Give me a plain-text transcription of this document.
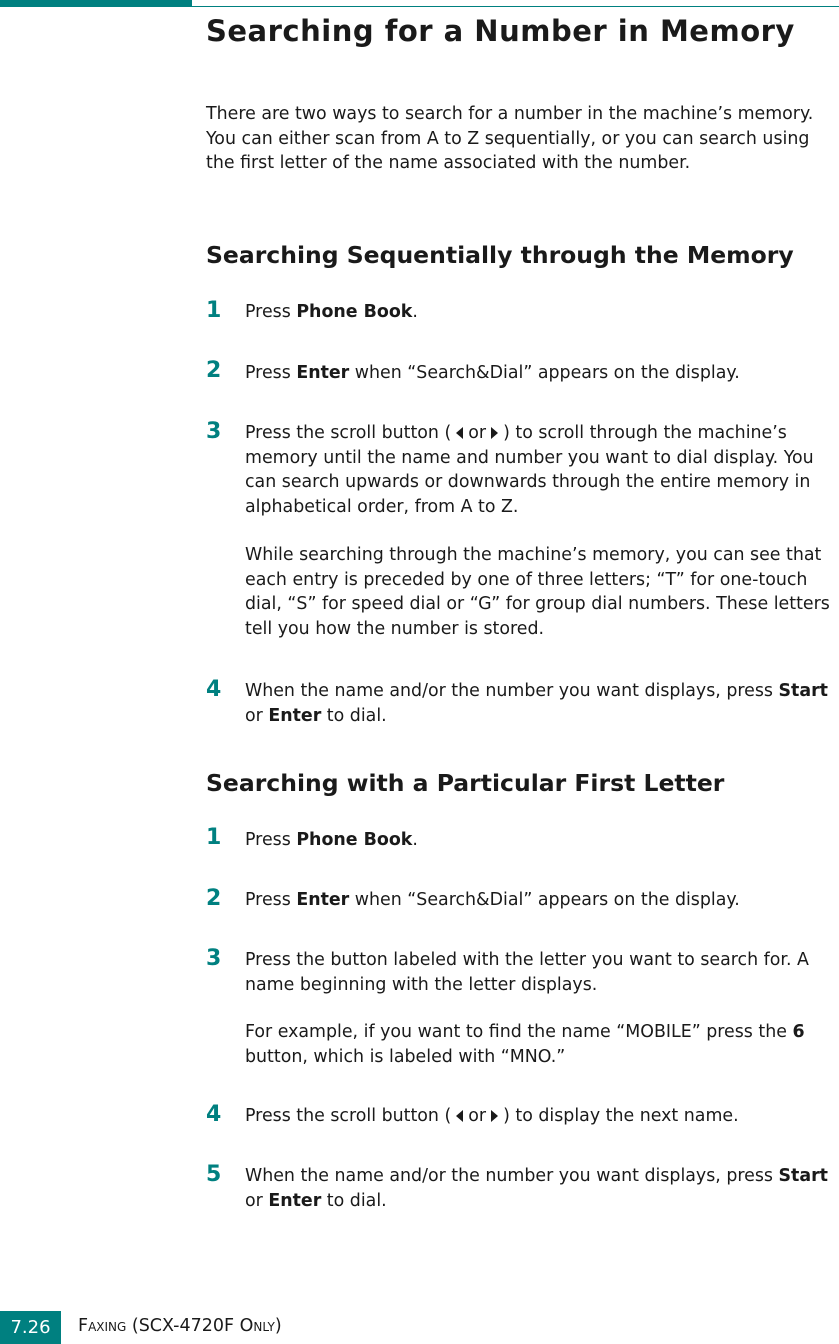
Searching for a Number in Memory

There are two ways to search for a number in the machine’s memory. You can either scan from A to Z sequentially, or you can search using the first letter of the name associated with the number.

Searching Sequentially through the Memory
1 Press Phone Book.

2 Press Enter when “Search&Dial” appears on the display.

3 Press the scroll button ( or ) to scroll through the machine’s memory until the name and number you want to dial display. You can search upwards or downwards through the entire memory in alphabetical order, from A to Z.

While searching through the machine’s memory, you can see that each entry is preceded by one of three letters; “T” for one-touch dial, “S” for speed dial or “G” for group dial numbers. These letters tell you how the number is stored.

4 When the name and/or the number you want displays, press Start or Enter to dial.

Searching with a Particular First Letter
1 Press Phone Book.

2 Press Enter when “Search&Dial” appears on the display.

3 Press the button labeled with the letter you want to search for. A name beginning with the letter displays.

For example, if you want to find the name “MOBILE” press the 6 button, which is labeled with “MNO.”

4 Press the scroll button ( or ) to display the next name.

5 When the name and/or the number you want displays, press Start or Enter to dial.

7.26	Faxing (SCX-4720F Only)
